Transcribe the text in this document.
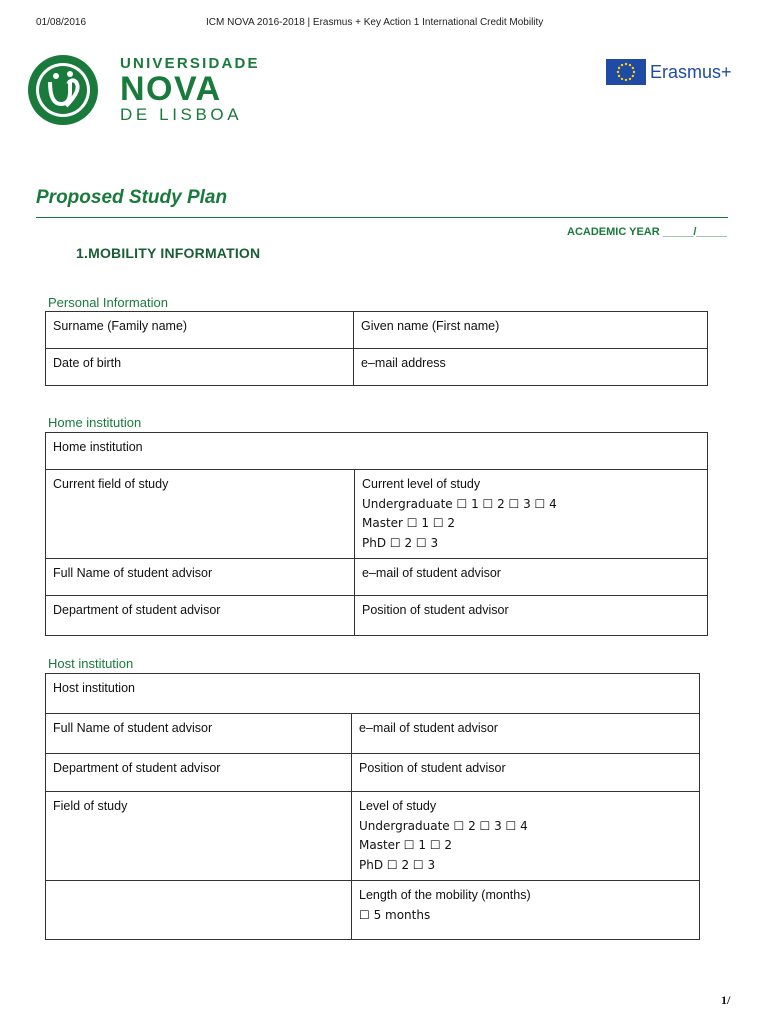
01/08/2016	ICM NOVA 2016-2018 | Erasmus + Key Action 1 International Credit Mobility
UNIVERSIDADE
NOVA
DE LISBOA
Erasmus+
Proposed Study Plan
ACADEMIC YEAR _____/_____
1.MOBILITY INFORMATION
Personal Information
Surname (Family name)	Given name (First name)
Date of birth	e–mail address
Home institution
Home institution	
Current field of study	Current level of study
Undergraduate ☐ 1 ☐ 2 ☐ 3 ☐ 4
Master ☐ 1 ☐ 2
PhD ☐ 2 ☐ 3

Full Name of student advisor	e–mail of student advisor
Department of student advisor	Position of student advisor
Host institution
Host institution	
Full Name of student advisor	e–mail of student advisor
Department of student advisor	Position of student advisor
Field of study	Level of study
Undergraduate ☐ 2 ☐ 3 ☐ 4
Master ☐ 1 ☐ 2
PhD ☐ 2 ☐ 3

	Length of the mobility (months)
☐ 5 months
1/
